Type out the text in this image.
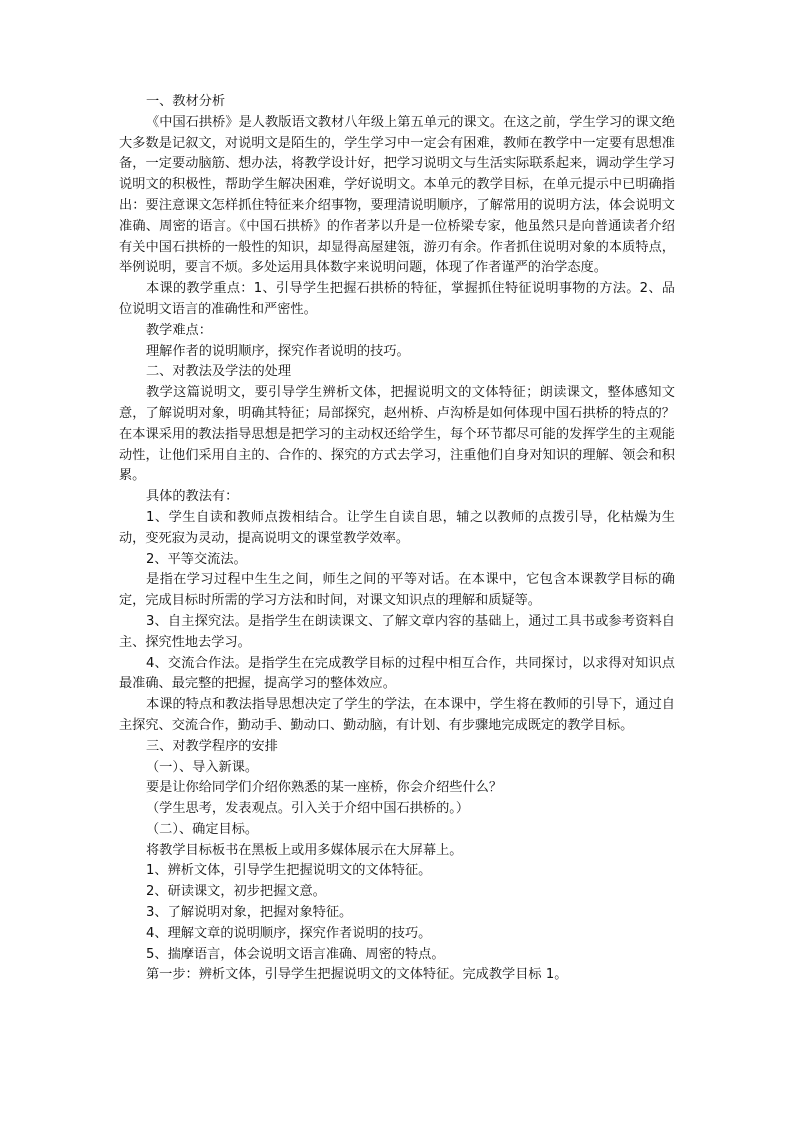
一、教材分析

《中国石拱桥》是人教版语文教材八年级上第五单元的课文。在这之前，学生学习的课文绝大多数是记叙文，对说明文是陌生的，学生学习中一定会有困难，教师在教学中一定要有思想准备，一定要动脑筋、想办法，将教学设计好，把学习说明文与生活实际联系起来，调动学生学习说明文的积极性，帮助学生解决困难，学好说明文。本单元的教学目标，在单元提示中已明确指出：要注意课文怎样抓住特征来介绍事物，要理清说明顺序，了解常用的说明方法，体会说明文准确、周密的语言。《中国石拱桥》的作者茅以升是一位桥梁专家，他虽然只是向普通读者介绍有关中国石拱桥的一般性的知识，却显得高屋建瓴，游刃有余。作者抓住说明对象的本质特点，举例说明，要言不烦。多处运用具体数字来说明问题，体现了作者谨严的治学态度。

本课的教学重点：1、引导学生把握石拱桥的特征，掌握抓住特征说明事物的方法。2、品位说明文语言的准确性和严密性。

教学难点：

理解作者的说明顺序，探究作者说明的技巧。

二、对教法及学法的处理

教学这篇说明文，要引导学生辨析文体，把握说明文的文体特征；朗读课文，整体感知文意，了解说明对象，明确其特征；局部探究，赵州桥、卢沟桥是如何体现中国石拱桥的特点的？在本课采用的教法指导思想是把学习的主动权还给学生，每个环节都尽可能的发挥学生的主观能动性，让他们采用自主的、合作的、探究的方式去学习，注重他们自身对知识的理解、领会和积累。

具体的教法有：

1、学生自读和教师点拨相结合。让学生自读自思，辅之以教师的点拨引导，化枯燥为生动，变死寂为灵动，提高说明文的课堂教学效率。

2、平等交流法。

是指在学习过程中生生之间，师生之间的平等对话。在本课中，它包含本课教学目标的确定，完成目标时所需的学习方法和时间，对课文知识点的理解和质疑等。

3、自主探究法。是指学生在朗读课文、了解文章内容的基础上，通过工具书或参考资料自主、探究性地去学习。

4、交流合作法。是指学生在完成教学目标的过程中相互合作，共同探讨，以求得对知识点最准确、最完整的把握，提高学习的整体效应。

本课的特点和教法指导思想决定了学生的学法，在本课中，学生将在教师的引导下，通过自主探究、交流合作，勤动手、勤动口、勤动脑，有计划、有步骤地完成既定的教学目标。

三、对教学程序的安排

（一）、导入新课。

要是让你给同学们介绍你熟悉的某一座桥，你会介绍些什么？

（学生思考，发表观点。引入关于介绍中国石拱桥的。）

（二）、确定目标。

将教学目标板书在黑板上或用多媒体展示在大屏幕上。

1、辨析文体，引导学生把握说明文的文体特征。

2、研读课文，初步把握文意。

3、了解说明对象，把握对象特征。

4、理解文章的说明顺序，探究作者说明的技巧。

5、揣摩语言，体会说明文语言准确、周密的特点。

第一步：辨析文体，引导学生把握说明文的文体特征。完成教学目标 1。
